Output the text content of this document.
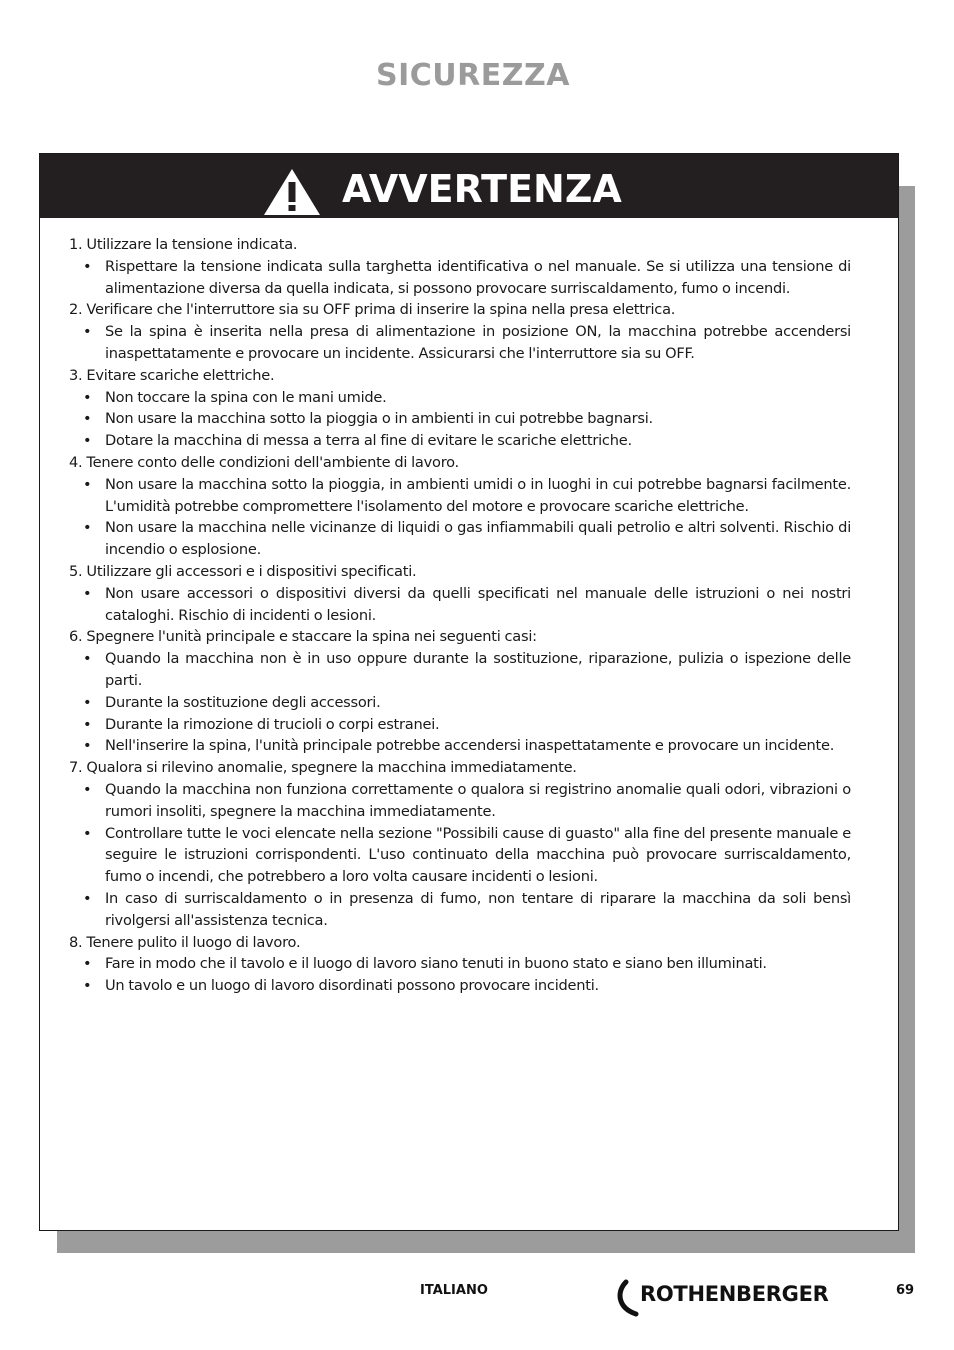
SICUREZZA
AVVERTENZA

1. Utilizzare la tensione indicata.

• Rispettare la tensione indicata sulla targhetta identificativa o nel manuale. Se si utilizza una tensione di alimentazione diversa da quella indicata, si possono provocare surriscaldamento, fumo o incendi.

2. Verificare che l'interruttore sia su OFF prima di inserire la spina nella presa elettrica.

• Se la spina è inserita nella presa di alimentazione in posizione ON, la macchina potrebbe accendersi inaspettatamente e provocare un incidente. Assicurarsi che l'interruttore sia su OFF.

3. Evitare scariche elettriche.

• Non toccare la spina con le mani umide.

• Non usare la macchina sotto la pioggia o in ambienti in cui potrebbe bagnarsi.

• Dotare la macchina di messa a terra al fine di evitare le scariche elettriche.

4. Tenere conto delle condizioni dell'ambiente di lavoro.

• Non usare la macchina sotto la pioggia, in ambienti umidi o in luoghi in cui potrebbe bagnarsi facilmente. L'umidità potrebbe compromettere l'isolamento del motore e provocare scariche elettriche.

• Non usare la macchina nelle vicinanze di liquidi o gas infiammabili quali petrolio e altri solventi. Rischio di incendio o esplosione.

5. Utilizzare gli accessori e i dispositivi specificati.

• Non usare accessori o dispositivi diversi da quelli specificati nel manuale delle istruzioni o nei nostri cataloghi. Rischio di incidenti o lesioni.

6. Spegnere l'unità principale e staccare la spina nei seguenti casi:

• Quando la macchina non è in uso oppure durante la sostituzione, riparazione, pulizia o ispezione delle parti.

• Durante la sostituzione degli accessori.

• Durante la rimozione di trucioli o corpi estranei.

• Nell'inserire la spina, l'unità principale potrebbe accendersi inaspettatamente e provocare un incidente.

7. Qualora si rilevino anomalie, spegnere la macchina immediatamente.

• Quando la macchina non funziona correttamente o qualora si registrino anomalie quali odori, vibrazioni o rumori insoliti, spegnere la macchina immediatamente.

• Controllare tutte le voci elencate nella sezione "Possibili cause di guasto" alla fine del presente manuale e seguire le istruzioni corrispondenti. L'uso continuato della macchina può provocare surriscaldamento, fumo o incendi, che potrebbero a loro volta causare incidenti o lesioni.

• In caso di surriscaldamento o in presenza di fumo, non tentare di riparare la macchina da soli bensì rivolgersi all'assistenza tecnica.

8. Tenere pulito il luogo di lavoro.

• Fare in modo che il tavolo e il luogo di lavoro siano tenuti in buono stato e siano ben illuminati.

• Un tavolo e un luogo di lavoro disordinati possono provocare incidenti.

ITALIANO	ROTHENBERGER	69
